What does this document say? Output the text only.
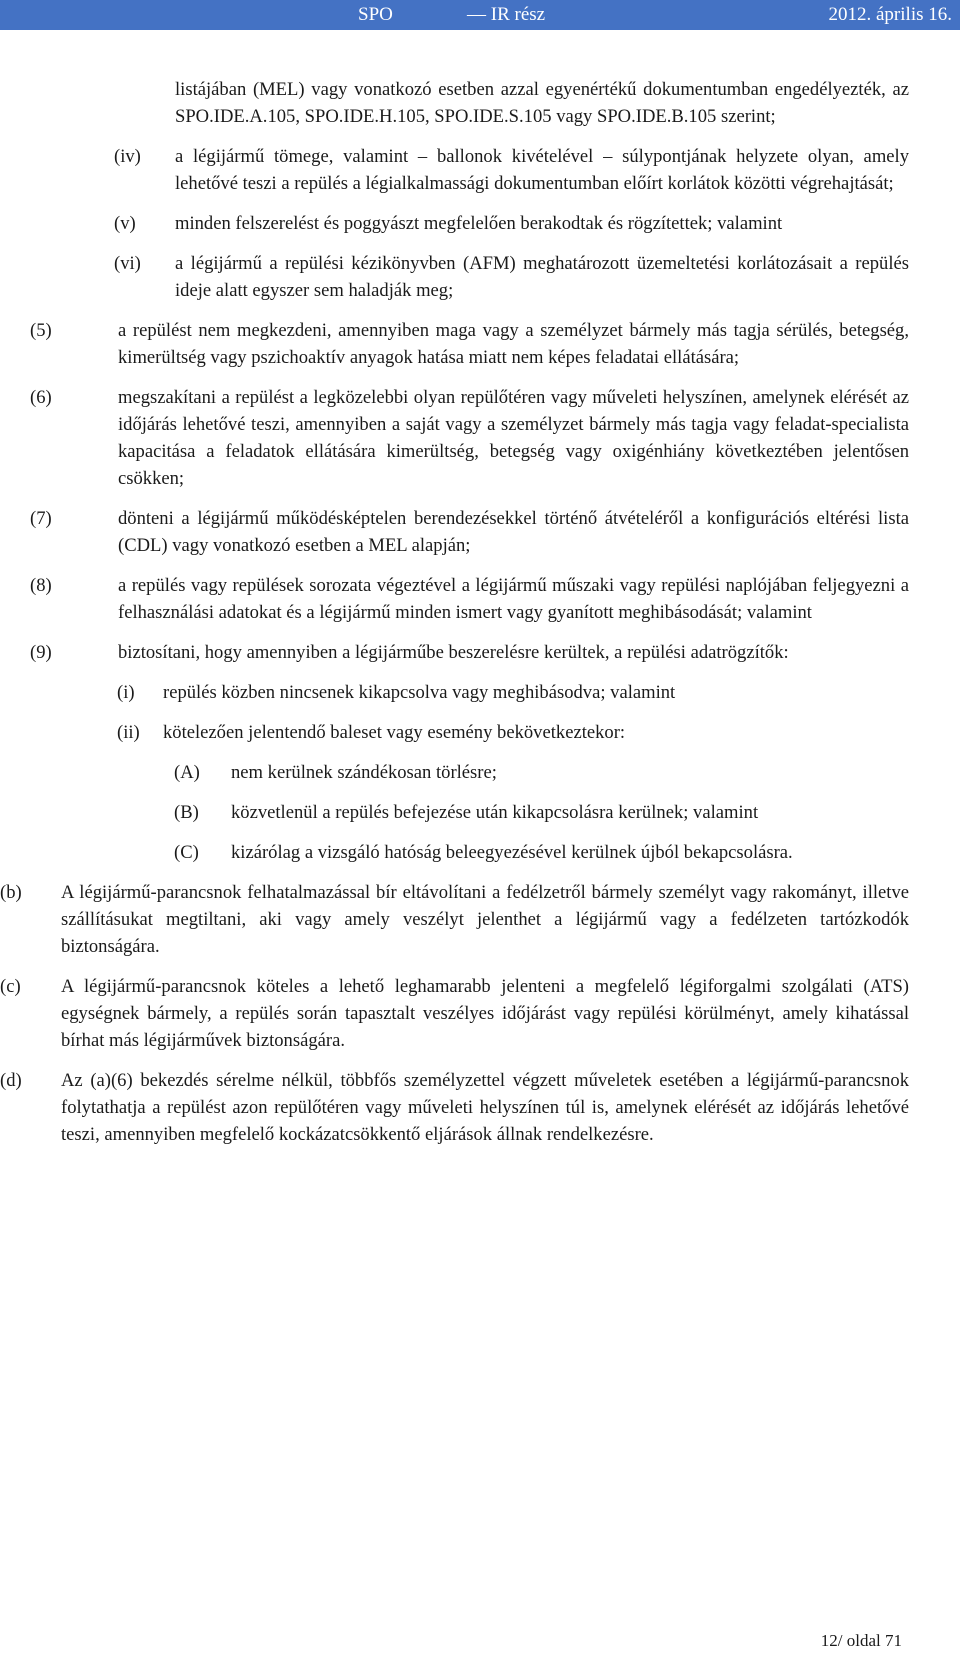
SPO	— IR rész	2012. április 16.
listájában (MEL) vagy vonatkozó esetben azzal egyenértékű dokumentumban engedélyezték, az SPO.IDE.A.105, SPO.IDE.H.105, SPO.IDE.S.105 vagy SPO.IDE.B.105 szerint;
(iv) a légijármű tömege, valamint – ballonok kivételével – súlypontjának helyzete olyan, amely lehetővé teszi a repülés a légialkalmassági dokumentumban előírt korlátok közötti végrehajtását;
(v) minden felszerelést és poggyászt megfelelően berakodtak és rögzítettek; valamint
(vi) a légijármű a repülési kézikönyvben (AFM) meghatározott üzemeltetési korlátozásait a repülés ideje alatt egyszer sem haladják meg;
(5)	a repülést nem megkezdeni, amennyiben maga vagy a személyzet bármely más tagja sérülés, betegség, kimerültség vagy pszichoaktív anyagok hatása miatt nem képes feladatai ellátására;
(6)	megszakítani a repülést a legközelebbi olyan repülőtéren vagy műveleti helyszínen, amelynek elérését az időjárás lehetővé teszi, amennyiben a saját vagy a személyzet bármely más tagja vagy feladat-specialista kapacitása a feladatok ellátására kimerültség, betegség vagy oxigénhiány következtében jelentősen csökken;
(7)	dönteni a légijármű működésképtelen berendezésekkel történő átvételéről a konfigurációs eltérési lista (CDL) vagy vonatkozó esetben a MEL alapján;
(8)	a repülés vagy repülések sorozata végeztével a légijármű műszaki vagy repülési naplójában feljegyezni a felhasználási adatokat és a légijármű minden ismert vagy gyanított meghibásodását; valamint
(9)	biztosítani, hogy amennyiben a légijárműbe beszerelésre kerültek, a repülési adatrögzítők:
(i) repülés közben nincsenek kikapcsolva vagy meghibásodva; valamint
(ii) kötelezően jelentendő baleset vagy esemény bekövetkeztekor:
(A) nem kerülnek szándékosan törlésre;
(B) közvetlenül a repülés befejezése után kikapcsolásra kerülnek; valamint
(C) kizárólag a vizsgáló hatóság beleegyezésével kerülnek újból bekapcsolásra.
(b) A légijármű-parancsnok felhatalmazással bír eltávolítani a fedélzetről bármely személyt vagy rakományt, illetve szállításukat megtiltani, aki vagy amely veszélyt jelenthet a légijármű vagy a fedélzeten tartózkodók biztonságára.
(c) A légijármű-parancsnok köteles a lehető leghamarabb jelenteni a megfelelő légiforgalmi szolgálati (ATS) egységnek bármely, a repülés során tapasztalt veszélyes időjárást vagy repülési körülményt, amely kihatással bírhat más légijárművek biztonságára.
(d) Az (a)(6) bekezdés sérelme nélkül, többfős személyzettel végzett műveletek esetében a légijármű-parancsnok folytathatja a repülést azon repülőtéren vagy műveleti helyszínen túl is, amelynek elérését az időjárás lehetővé teszi, amennyiben megfelelő kockázatcsökkentő eljárások állnak rendelkezésre.
12/ oldal 71
